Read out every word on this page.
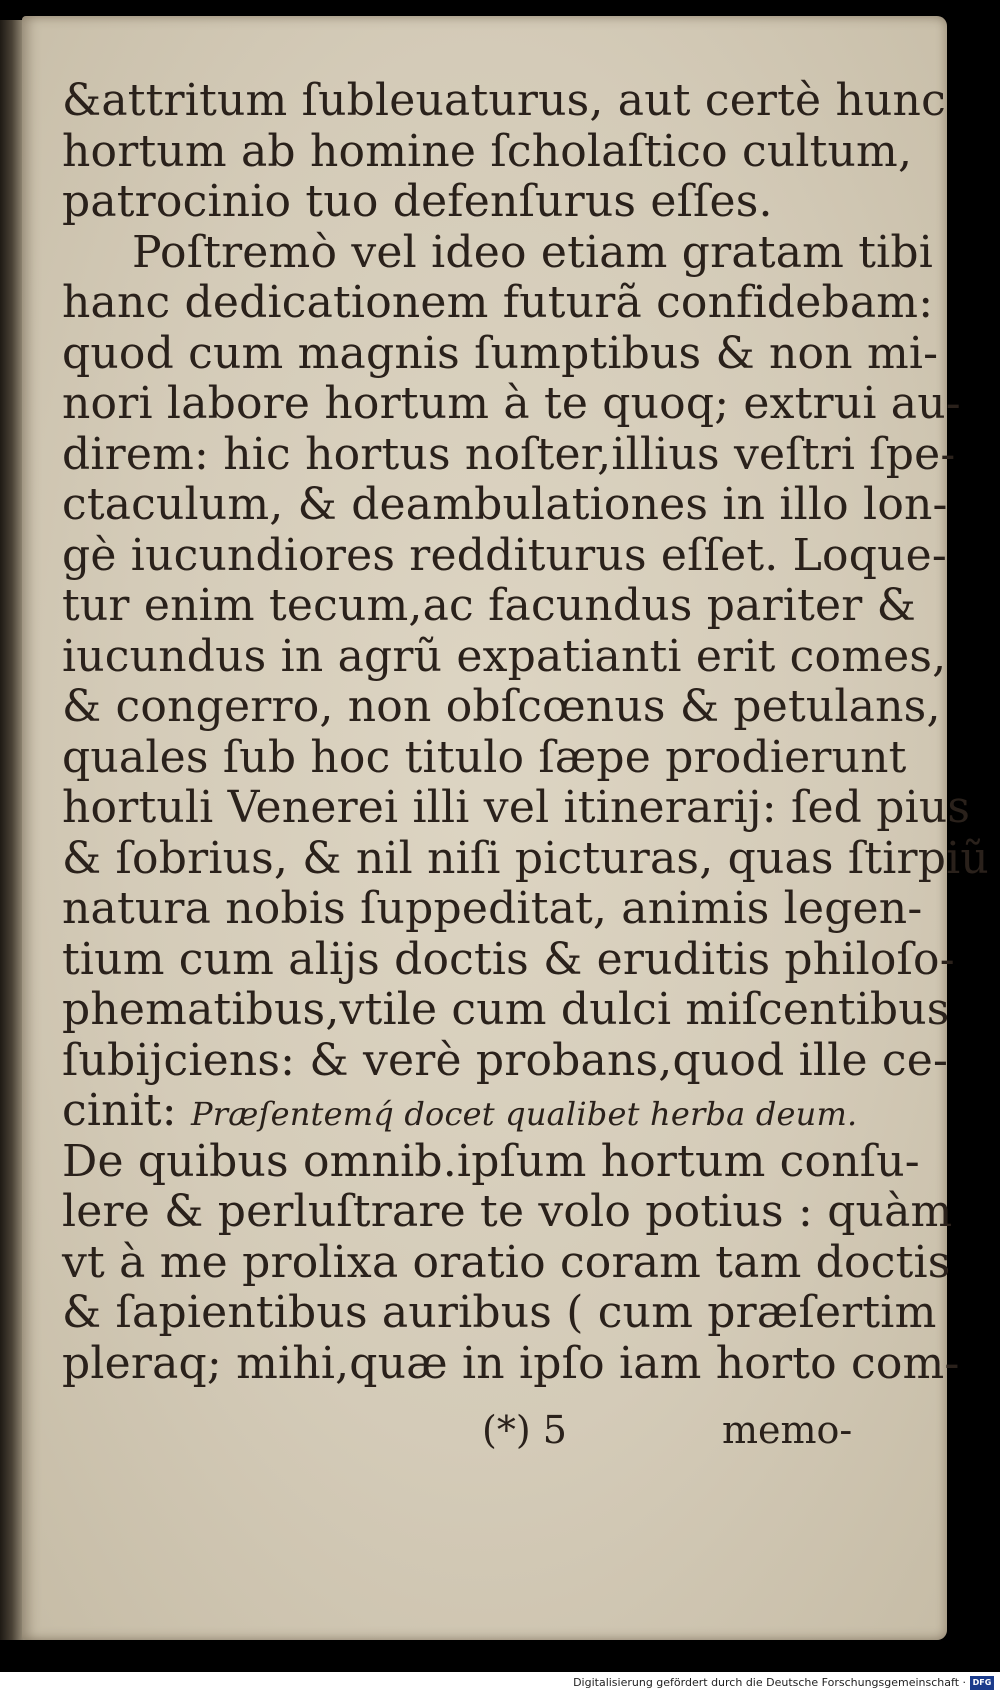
&attritum ſubleuaturus, aut certè hunc
hortum ab homine ſcholaſtico cultum,
patrocinio tuo defenſurus eſſes.
Poſtremò vel ideo etiam gratam tibi
hanc dedicationem futurã confidebam:
quod cum magnis ſumptibus & non mi-
nori labore hortum à te quoq; extrui au-
direm: hic hortus noſter,illius veſtri ſpe-
ctaculum, & deambulationes in illo lon-
gè iucundiores redditurus eſſet. Loque-
tur enim tecum,ac facundus pariter &
iucundus in agrũ expatianti erit comes,
& congerro, non obſcœnus & petulans,
quales ſub hoc titulo ſæpe prodierunt
hortuli Venerei illi vel itinerarij: ſed pius
& ſobrius, & nil niſi picturas, quas ſtirpiũ
natura nobis ſuppeditat, animis legen-
tium cum alijs doctis & eruditis philoſo-
phematibus,vtile cum dulci miſcentibus
ſubijciens: & verè probans,quod ille ce-
cinit: Præſentemq́ docet qualibet herba deum.
De quibus omnib.ipſum hortum conſu-
lere & perluſtrare te volo potius : quàm
vt à me prolixa oratio coram tam doctis
& ſapientibus auribus ( cum præſertim
pleraq; mihi,quæ in ipſo iam horto com-
(*) 5	memo-
Digitalisierung gefördert durch die Deutsche Forschungsgemeinschaft · DFG
